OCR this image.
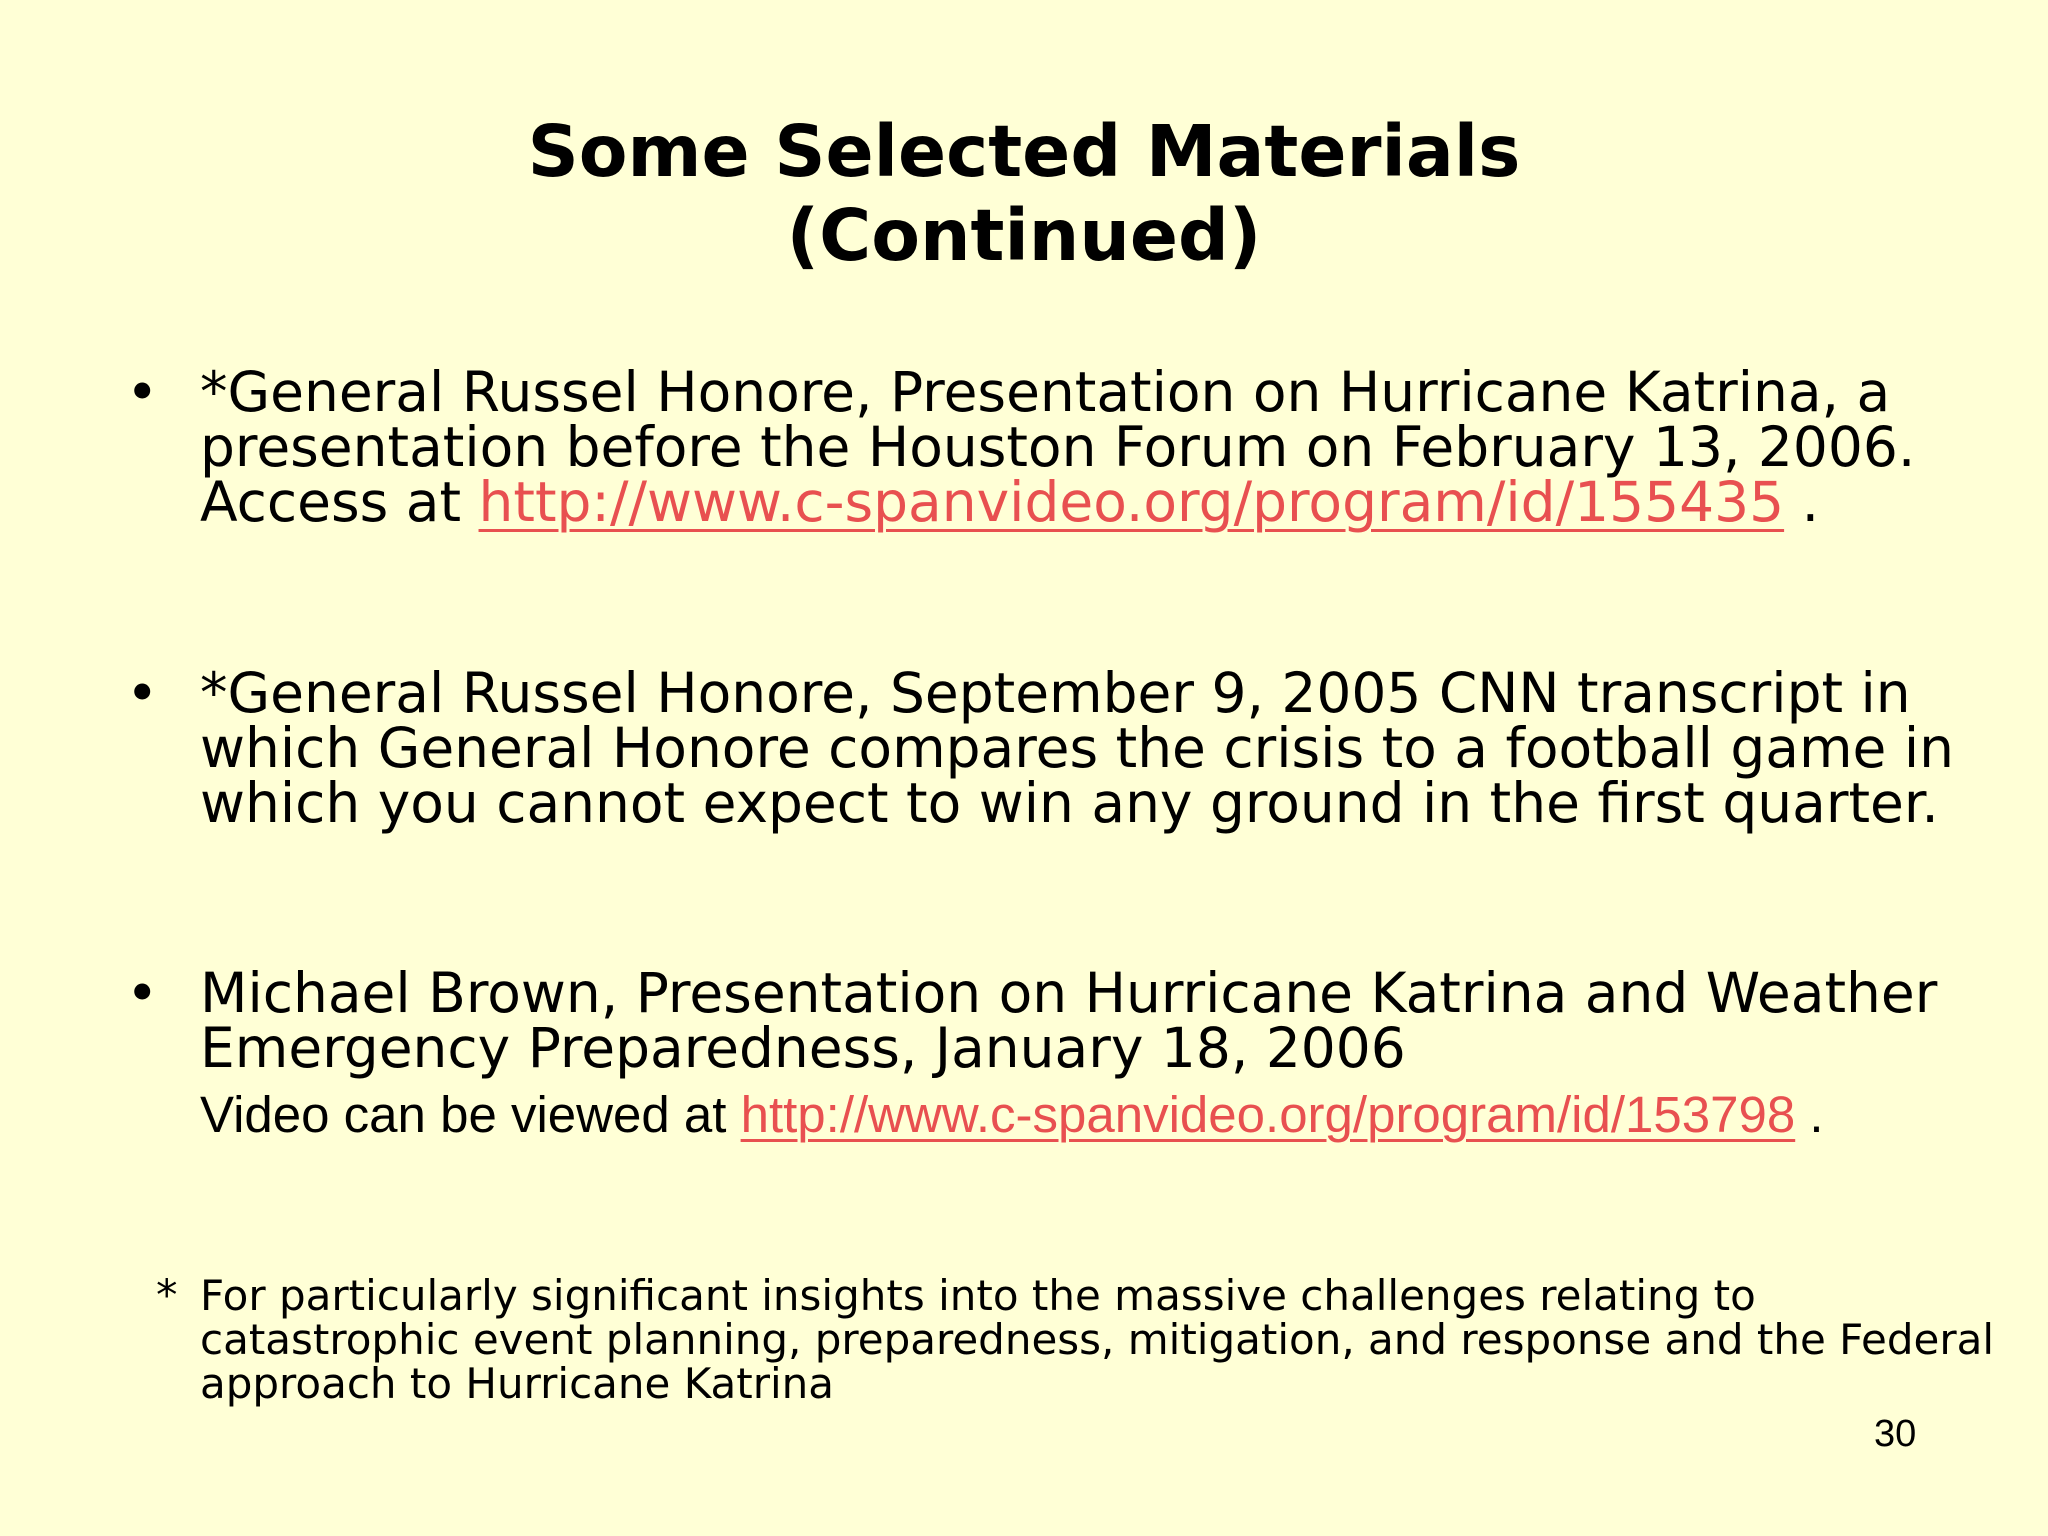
Some Selected Materials
(Continued)
• *General Russel Honore, Presentation on Hurricane Katrina, a presentation before the Houston Forum on February 13, 2006. Access at http://www.c-spanvideo.org/program/id/155435 .
• *General Russel Honore, September 9, 2005 CNN transcript in which General Honore compares the crisis to a football game in which you cannot expect to win any ground in the first quarter.
• Michael Brown, Presentation on Hurricane Katrina and Weather Emergency Preparedness, January 18, 2006
Video can be viewed at http://www.c-spanvideo.org/program/id/153798 .
* For particularly significant insights into the massive challenges relating to catastrophic event planning, preparedness, mitigation, and response and the Federal approach to Hurricane Katrina
30
